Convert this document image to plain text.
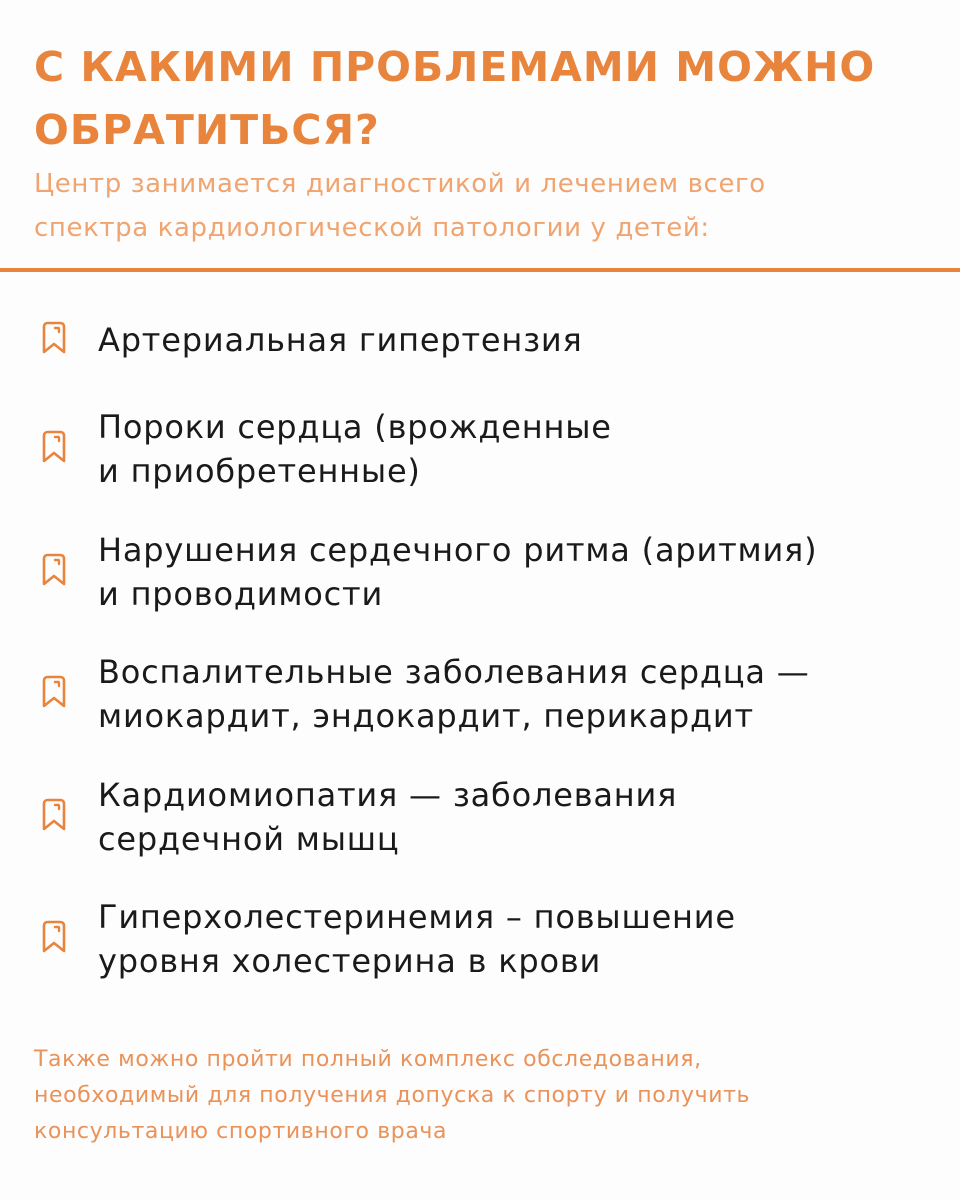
С КАКИМИ ПРОБЛЕМАМИ МОЖНО
ОБРАТИТЬСЯ?
Центр занимается диагностикой и лечением всего
спектра кардиологической патологии у детей:
Артериальная гипертензия
Пороки сердца (врожденные
и приобретенные)
Нарушения сердечного ритма (аритмия)
и проводимости
Воспалительные заболевания сердца —
миокардит, эндокардит, перикардит
Кардиомиопатия — заболевания
сердечной мышц
Гиперхолестеринемия – повышение
уровня холестерина в крови
Также можно пройти полный комплекс обследования,
необходимый для получения допуска к спорту и получить
консультацию спортивного врача
